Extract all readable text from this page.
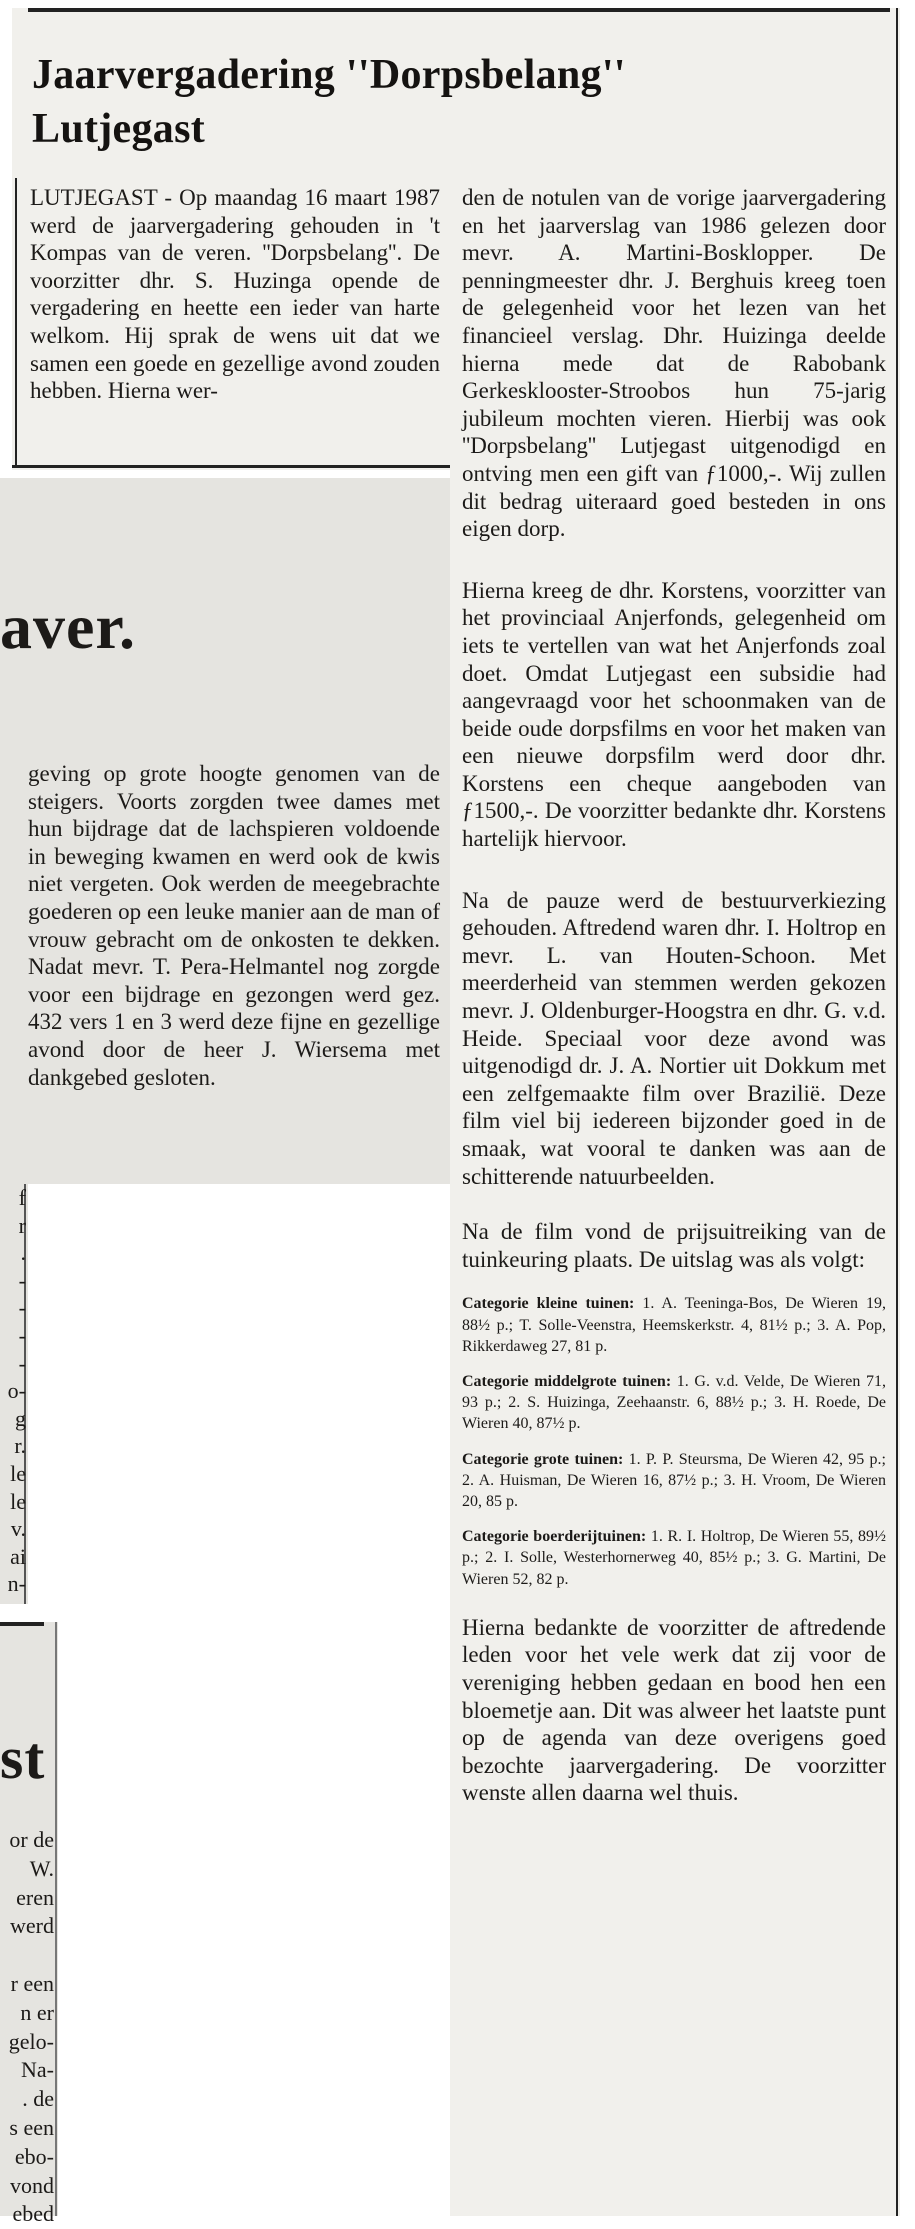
Jaarvergadering ''Dorpsbelang''
Lutjegast

LUTJEGAST - Op maandag 16 maart 1987 werd de jaarvergadering gehouden in 't Kompas van de veren. ''Dorpsbelang''. De voorzitter dhr. S. Huzinga opende de vergadering en heette een ieder van harte welkom. Hij sprak de wens uit dat we samen een goede en gezellige avond zouden hebben. Hierna wer-

den de notulen van de vorige jaarvergadering en het jaarverslag van 1986 gelezen door mevr. A. Martini-Bosklopper. De penningmeester dhr. J. Berghuis kreeg toen de gelegenheid voor het lezen van het financieel verslag. Dhr. Huizinga deelde hierna mede dat de Rabobank Gerkesklooster-Stroobos hun 75-jarig jubileum mochten vieren. Hierbij was ook ''Dorpsbelang'' Lutjegast uitgenodigd en ontving men een gift van ƒ1000,-. Wij zullen dit bedrag uiteraard goed besteden in ons eigen dorp.

Hierna kreeg de dhr. Korstens, voorzitter van het provinciaal Anjerfonds, gelegenheid om iets te vertellen van wat het Anjerfonds zoal doet. Omdat Lutjegast een subsidie had aangevraagd voor het schoonmaken van de beide oude dorpsfilms en voor het maken van een nieuwe dorpsfilm werd door dhr. Korstens een cheque aangeboden van ƒ1500,-. De voorzitter bedankte dhr. Korstens hartelijk hiervoor.

Na de pauze werd de bestuurverkiezing gehouden. Aftredend waren dhr. I. Holtrop en mevr. L. van Houten-Schoon. Met meerderheid van stemmen werden gekozen mevr. J. Oldenburger-Hoogstra en dhr. G. v.d. Heide. Speciaal voor deze avond was uitgenodigd dr. J. A. Nortier uit Dokkum met een zelfgemaakte film over Brazilië. Deze film viel bij iedereen bijzonder goed in de smaak, wat vooral te danken was aan de schitterende natuurbeelden.

Na de film vond de prijsuitreiking van de tuinkeuring plaats. De uitslag was als volgt:

Categorie kleine tuinen: 1. A. Teeninga-Bos, De Wieren 19, 88½ p.; T. Solle-Veenstra, Heemskerkstr. 4, 81½ p.; 3. A. Pop, Rikkerdaweg 27, 81 p.

Categorie middelgrote tuinen: 1. G. v.d. Velde, De Wieren 71, 93 p.; 2. S. Huizinga, Zeehaanstr. 6, 88½ p.; 3. H. Roede, De Wieren 40, 87½ p.

Categorie grote tuinen: 1. P. P. Steursma, De Wieren 42, 95 p.; 2. A. Huisman, De Wieren 16, 87½ p.; 3. H. Vroom, De Wieren 20, 85 p.

Categorie boerderijtuinen: 1. R. I. Holtrop, De Wieren 55, 89½ p.; 2. I. Solle, Westerhornerweg 40, 85½ p.; 3. G. Martini, De Wieren 52, 82 p.

Hierna bedankte de voorzitter de aftredende leden voor het vele werk dat zij voor de vereniging hebben gedaan en bood hen een bloemetje aan. Dit was alweer het laatste punt op de agenda van deze overigens goed bezochte jaarvergadering. De voorzitter wenste allen daarna wel thuis.

aver.

geving op grote hoogte genomen van de steigers. Voorts zorgden twee dames met hun bijdrage dat de lachspieren voldoende in beweging kwamen en werd ook de kwis niet vergeten. Ook werden de meegebrachte goederen op een leuke manier aan de man of vrouw gebracht om de onkosten te dekken. Nadat mevr. T. Pera-Helmantel nog zorgde voor een bijdrage en gezongen werd gez. 432 vers 1 en 3 werd deze fijne en gezellige avond door de heer J. Wiersema met dankgebed gesloten.

f
r
.
-
-
-
-
o-
g
r.
le
le
v.
ai
n-
st
or de
W.
eren
werd
r een
n er
gelo-
Na-
. de
s een
ebo-
vond
ebed
